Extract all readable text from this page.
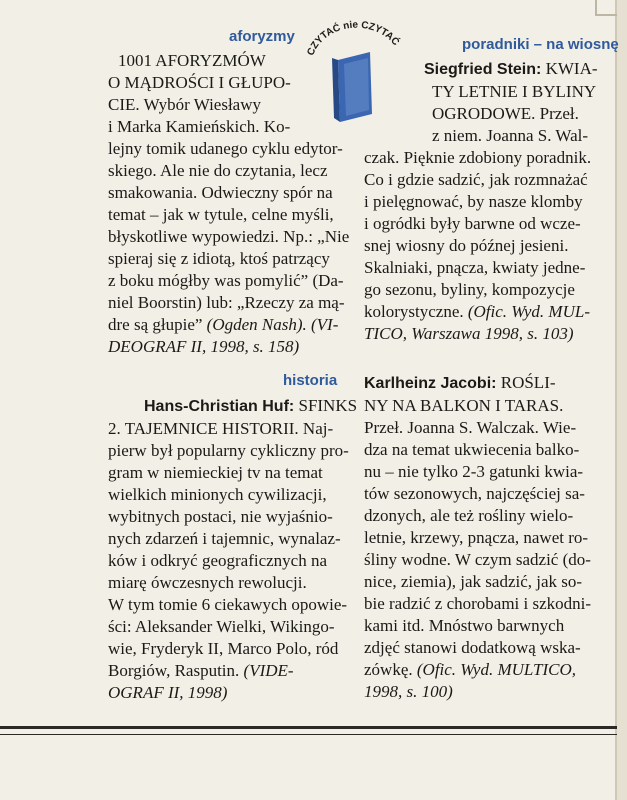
CZYTAĆ nie CZYTAĆ
aforyzmy
1001 AFORYZMÓW
O MĄDROŚCI I GŁUPO-
CIE. Wybór Wiesławy
i Marka Kamieńskich. Ko-
lejny tomik udanego cyklu edytor-
skiego. Ale nie do czytania, lecz
smakowania. Odwieczny spór na
temat – jak w tytule, celne myśli,
błyskotliwe wypowiedzi. Np.: „Nie
spieraj się z idiotą, ktoś patrzący
z boku mógłby was pomylić” (Da-
niel Boorstin) lub: „Rzeczy za mą-
dre są głupie” (Ogden Nash). (VI-
DEOGRAF II, 1998, s. 158)
historia
Hans-Christian Huf: SFINKS
2. TAJEMNICE HISTORII. Naj-
pierw był popularny cykliczny pro-
gram w niemieckiej tv na temat
wielkich minionych cywilizacji,
wybitnych postaci, nie wyjaśnio-
nych zdarzeń i tajemnic, wynalaz-
ków i odkryć geograficznych na
miarę ówczesnych rewolucji.
W tym tomie 6 ciekawych opowie-
ści: Aleksander Wielki, Wikingo-
wie, Fryderyk II, Marco Polo, ród
Borgiów, Rasputin. (VIDE-
OGRAF II, 1998)
poradniki – na wiosnę
Siegfried Stein: KWIA-
TY LETNIE I BYLINY
OGRODOWE. Przeł.
z niem. Joanna S. Wal-
czak. Pięknie zdobiony poradnik.
Co i gdzie sadzić, jak rozmnażać
i pielęgnować, by nasze klomby
i ogródki były barwne od wcze-
snej wiosny do późnej jesieni.
Skalniaki, pnącza, kwiaty jedne-
go sezonu, byliny, kompozycje
kolorystyczne. (Ofic. Wyd. MUL-
TICO, Warszawa 1998, s. 103)
Karlheinz Jacobi: ROŚLI-
NY NA BALKON I TARAS.
Przeł. Joanna S. Walczak. Wie-
dza na temat ukwiecenia balko-
nu – nie tylko 2-3 gatunki kwia-
tów sezonowych, najczęściej sa-
dzonych, ale też rośliny wielo-
letnie, krzewy, pnącza, nawet ro-
śliny wodne. W czym sadzić (do-
nice, ziemia), jak sadzić, jak so-
bie radzić z chorobami i szkodni-
kami itd. Mnóstwo barwnych
zdjęć stanowi dodatkową wska-
zówkę. (Ofic. Wyd. MULTICO,
1998, s. 100)
